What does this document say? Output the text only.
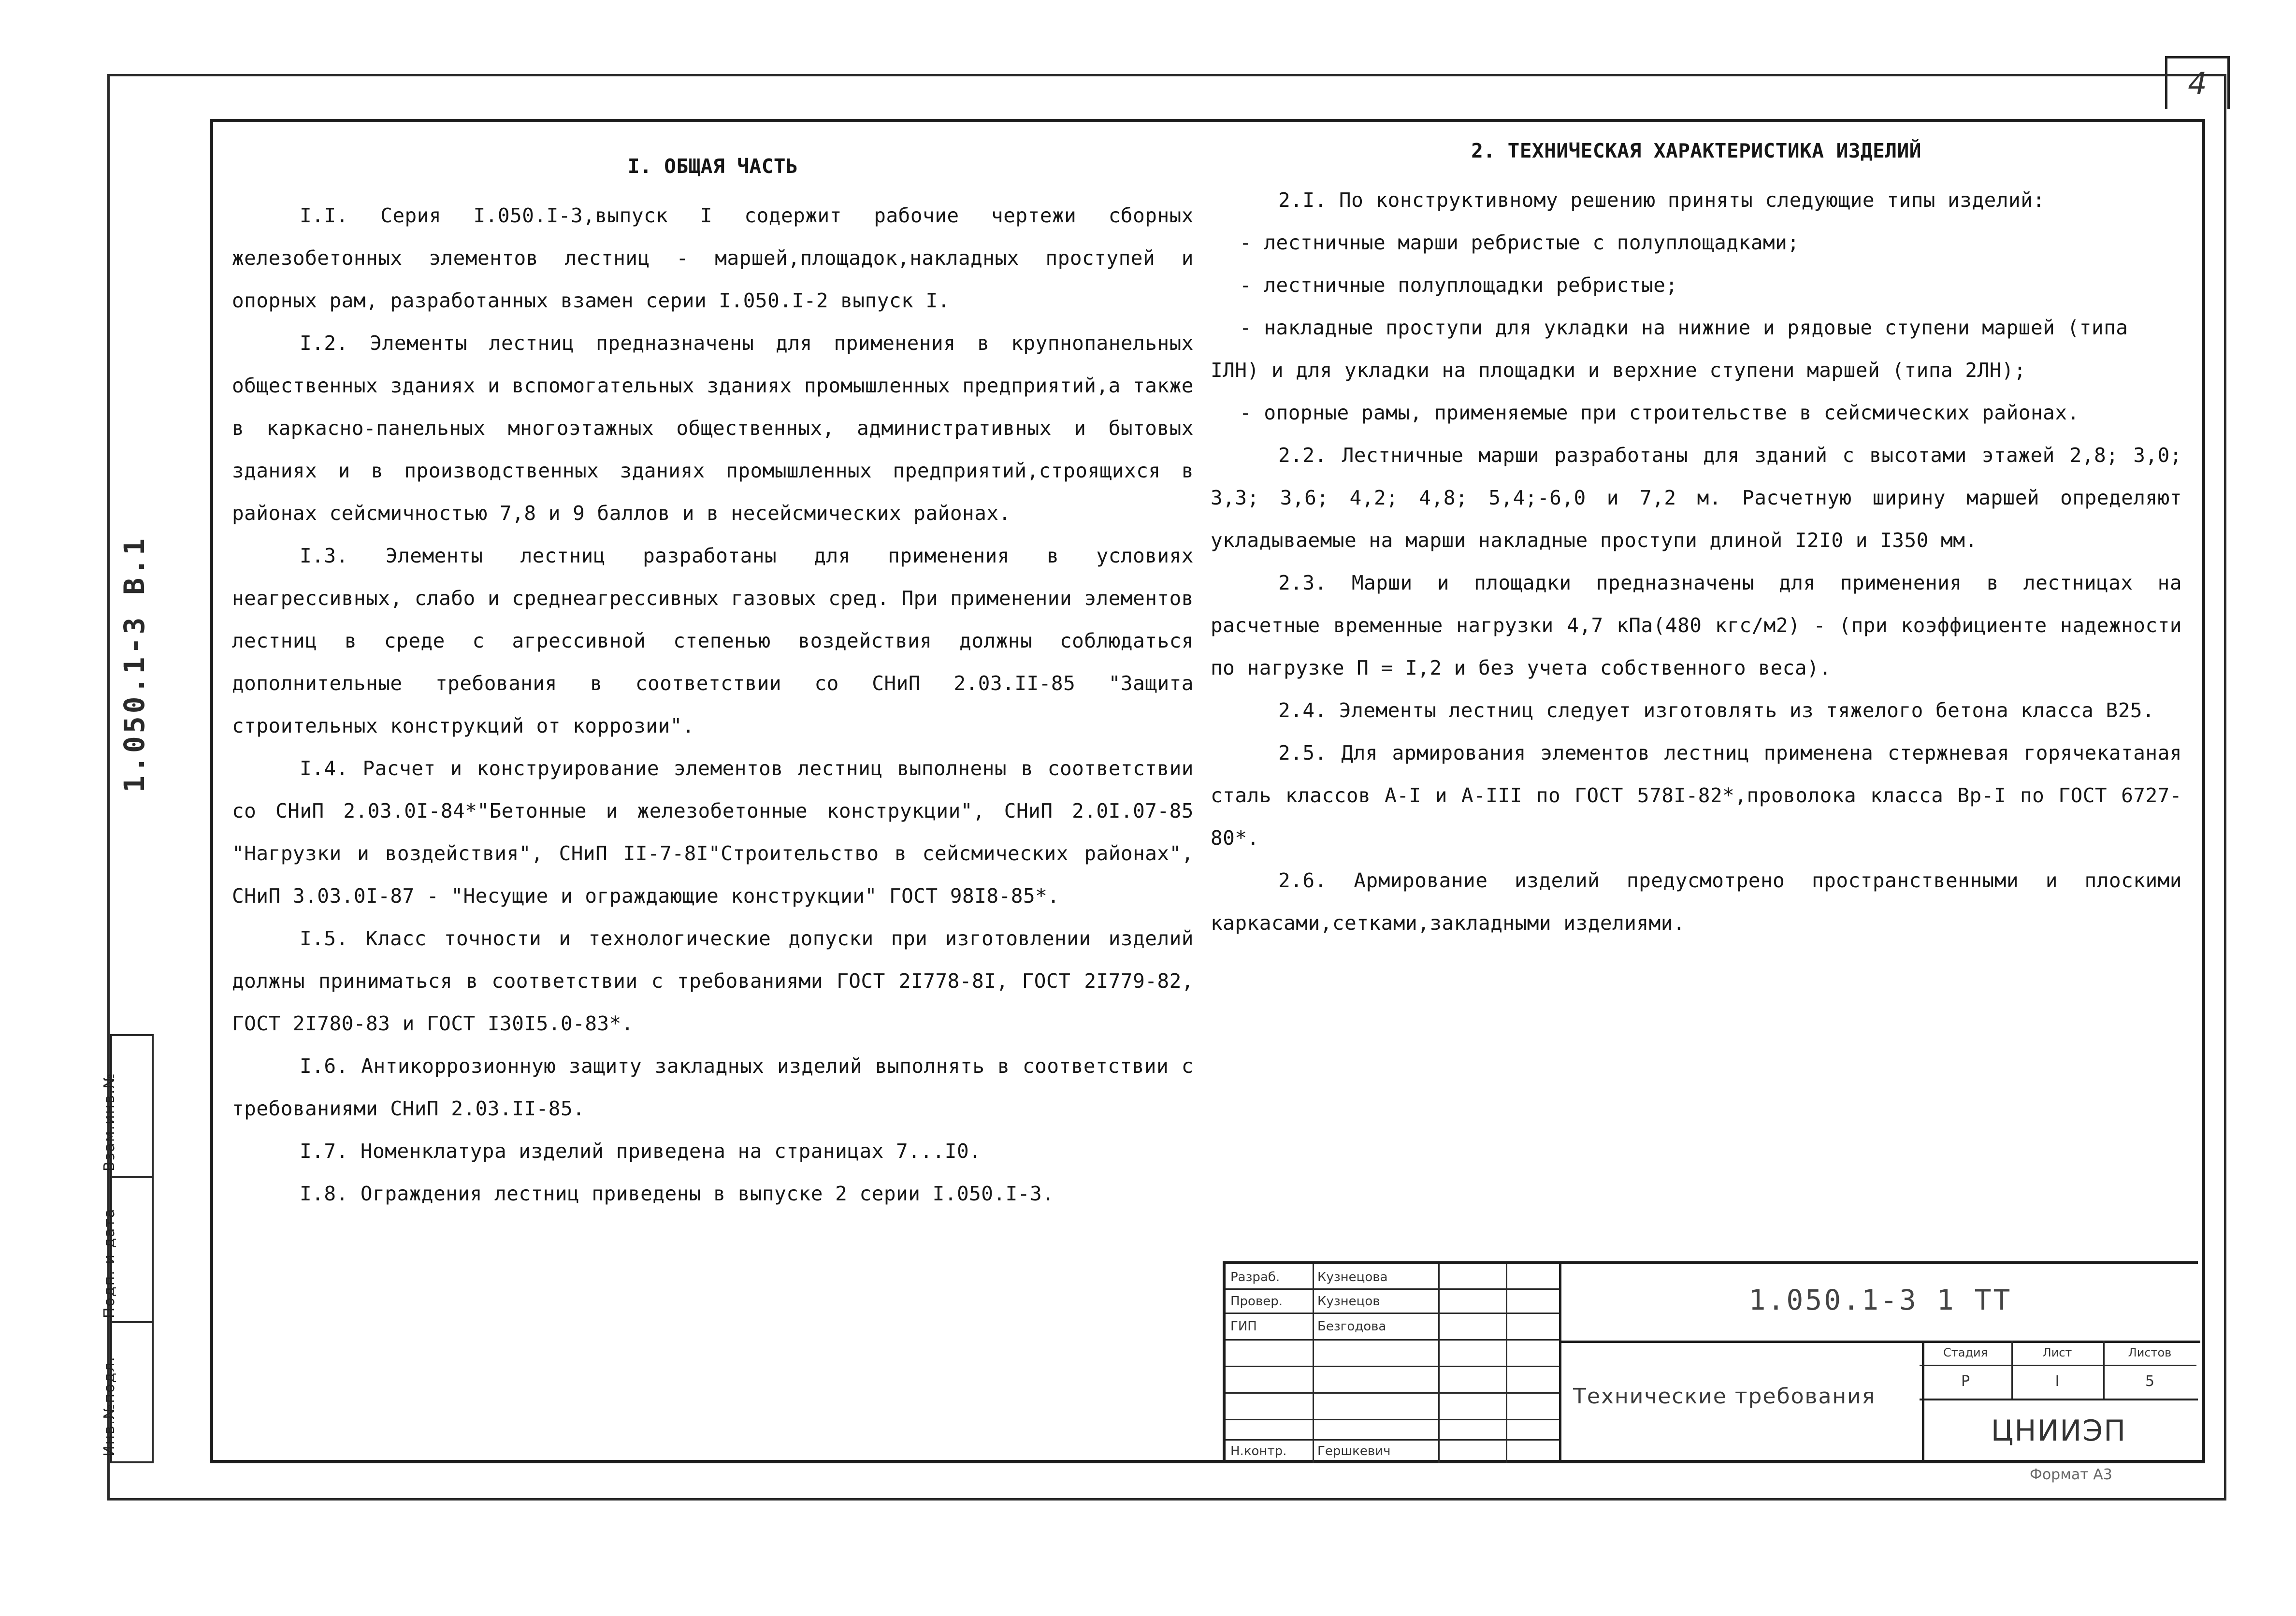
4
1.050.1-3 B.1
Взам.инв.№
Подп. и дата
Инв.№подл.

I. ОБЩАЯ ЧАСТЬ

I.I. Серия I.050.I-3,выпуск I содержит рабочие чертежи сборных железобетонных элементов лестниц - маршей,площадок,накладных проступей и опорных рам, разработанных взамен серии I.050.I-2 выпуск I.

I.2. Элементы лестниц предназначены для применения в крупнопанельных общественных зданиях и вспомогательных зданиях промышленных предприятий,а также в каркасно-панельных многоэтажных общественных, административных и бытовых зданиях и в производственных зданиях промышленных предприятий,строящихся в районах сейсмичностью 7,8 и 9 баллов и в несейсмических районах.

I.3. Элементы лестниц разработаны для применения в условиях неагрессивных, слабо и среднеагрессивных газовых сред. При применении элементов лестниц в среде с агрессивной степенью воздействия должны соблюдаться дополнительные требования в соответствии со СНиП 2.03.II-85 "Защита строительных конструкций от коррозии".

I.4. Расчет и конструирование элементов лестниц выполнены в соответствии со СНиП 2.03.0I-84*"Бетонные и железобетонные конструкции", СНиП 2.0I.07-85 "Нагрузки и воздействия", СНиП II-7-8I"Строительство в сейсмических районах", СНиП 3.03.0I-87 - "Несущие и ограждающие конструкции" ГОСТ 98I8-85*.

I.5. Класс точности и технологические допуски при изготовлении изделий должны приниматься в соответствии с требованиями ГОСТ 2I778-8I, ГОСТ 2I779-82, ГОСТ 2I780-83 и ГОСТ I30I5.0-83*.

I.6. Антикоррозионную защиту закладных изделий выполнять в соответствии с требованиями СНиП 2.03.II-85.

I.7. Номенклатура изделий приведена на страницах 7...I0.

I.8. Ограждения лестниц приведены в выпуске 2 серии I.050.I-3.

2. ТЕХНИЧЕСКАЯ ХАРАКТЕРИСТИКА ИЗДЕЛИЙ

2.I. По конструктивному решению приняты следующие типы изделий:

- лестничные марши ребристые с полуплощадками;

- лестничные полуплощадки ребристые;

- накладные проступи для укладки на нижние и рядовые ступени маршей (типа IЛН) и для укладки на площадки и верхние ступени маршей (типа 2ЛН);

- опорные рамы, применяемые при строительстве в сейсмических районах.

2.2. Лестничные марши разработаны для зданий с высотами этажей 2,8; 3,0; 3,3; 3,6; 4,2; 4,8; 5,4;-6,0 и 7,2 м. Расчетную ширину маршей определяют укладываемые на марши накладные проступи длиной I2I0 и I350 мм.

2.3. Марши и площадки предназначены для применения в лестницах на расчетные временные нагрузки 4,7 кПа(480 кгс/м2) - (при коэффициенте надежности по нагрузке Π = I,2 и без учета собственного веса).

2.4. Элементы лестниц следует изготовлять из тяжелого бетона класса В25.

2.5. Для армирования элементов лестниц применена стержневая горячекатаная сталь классов А-I и А-III по ГОСТ 578I-82*,проволока класса Вр-I по ГОСТ 6727-80*.

2.6. Армирование изделий предусмотрено пространственными и плоскими каркасами,сетками,закладными изделиями.

Разраб.	Кузнецова
Провер.	Кузнецов
ГИП	Безгодова
Н.контр. Гершкевич
1.050.1-3 1 ТТ
Технические требования
Стадия	Лист	Листов
Р	I	5
ЦНИИЭП
Формат А3
